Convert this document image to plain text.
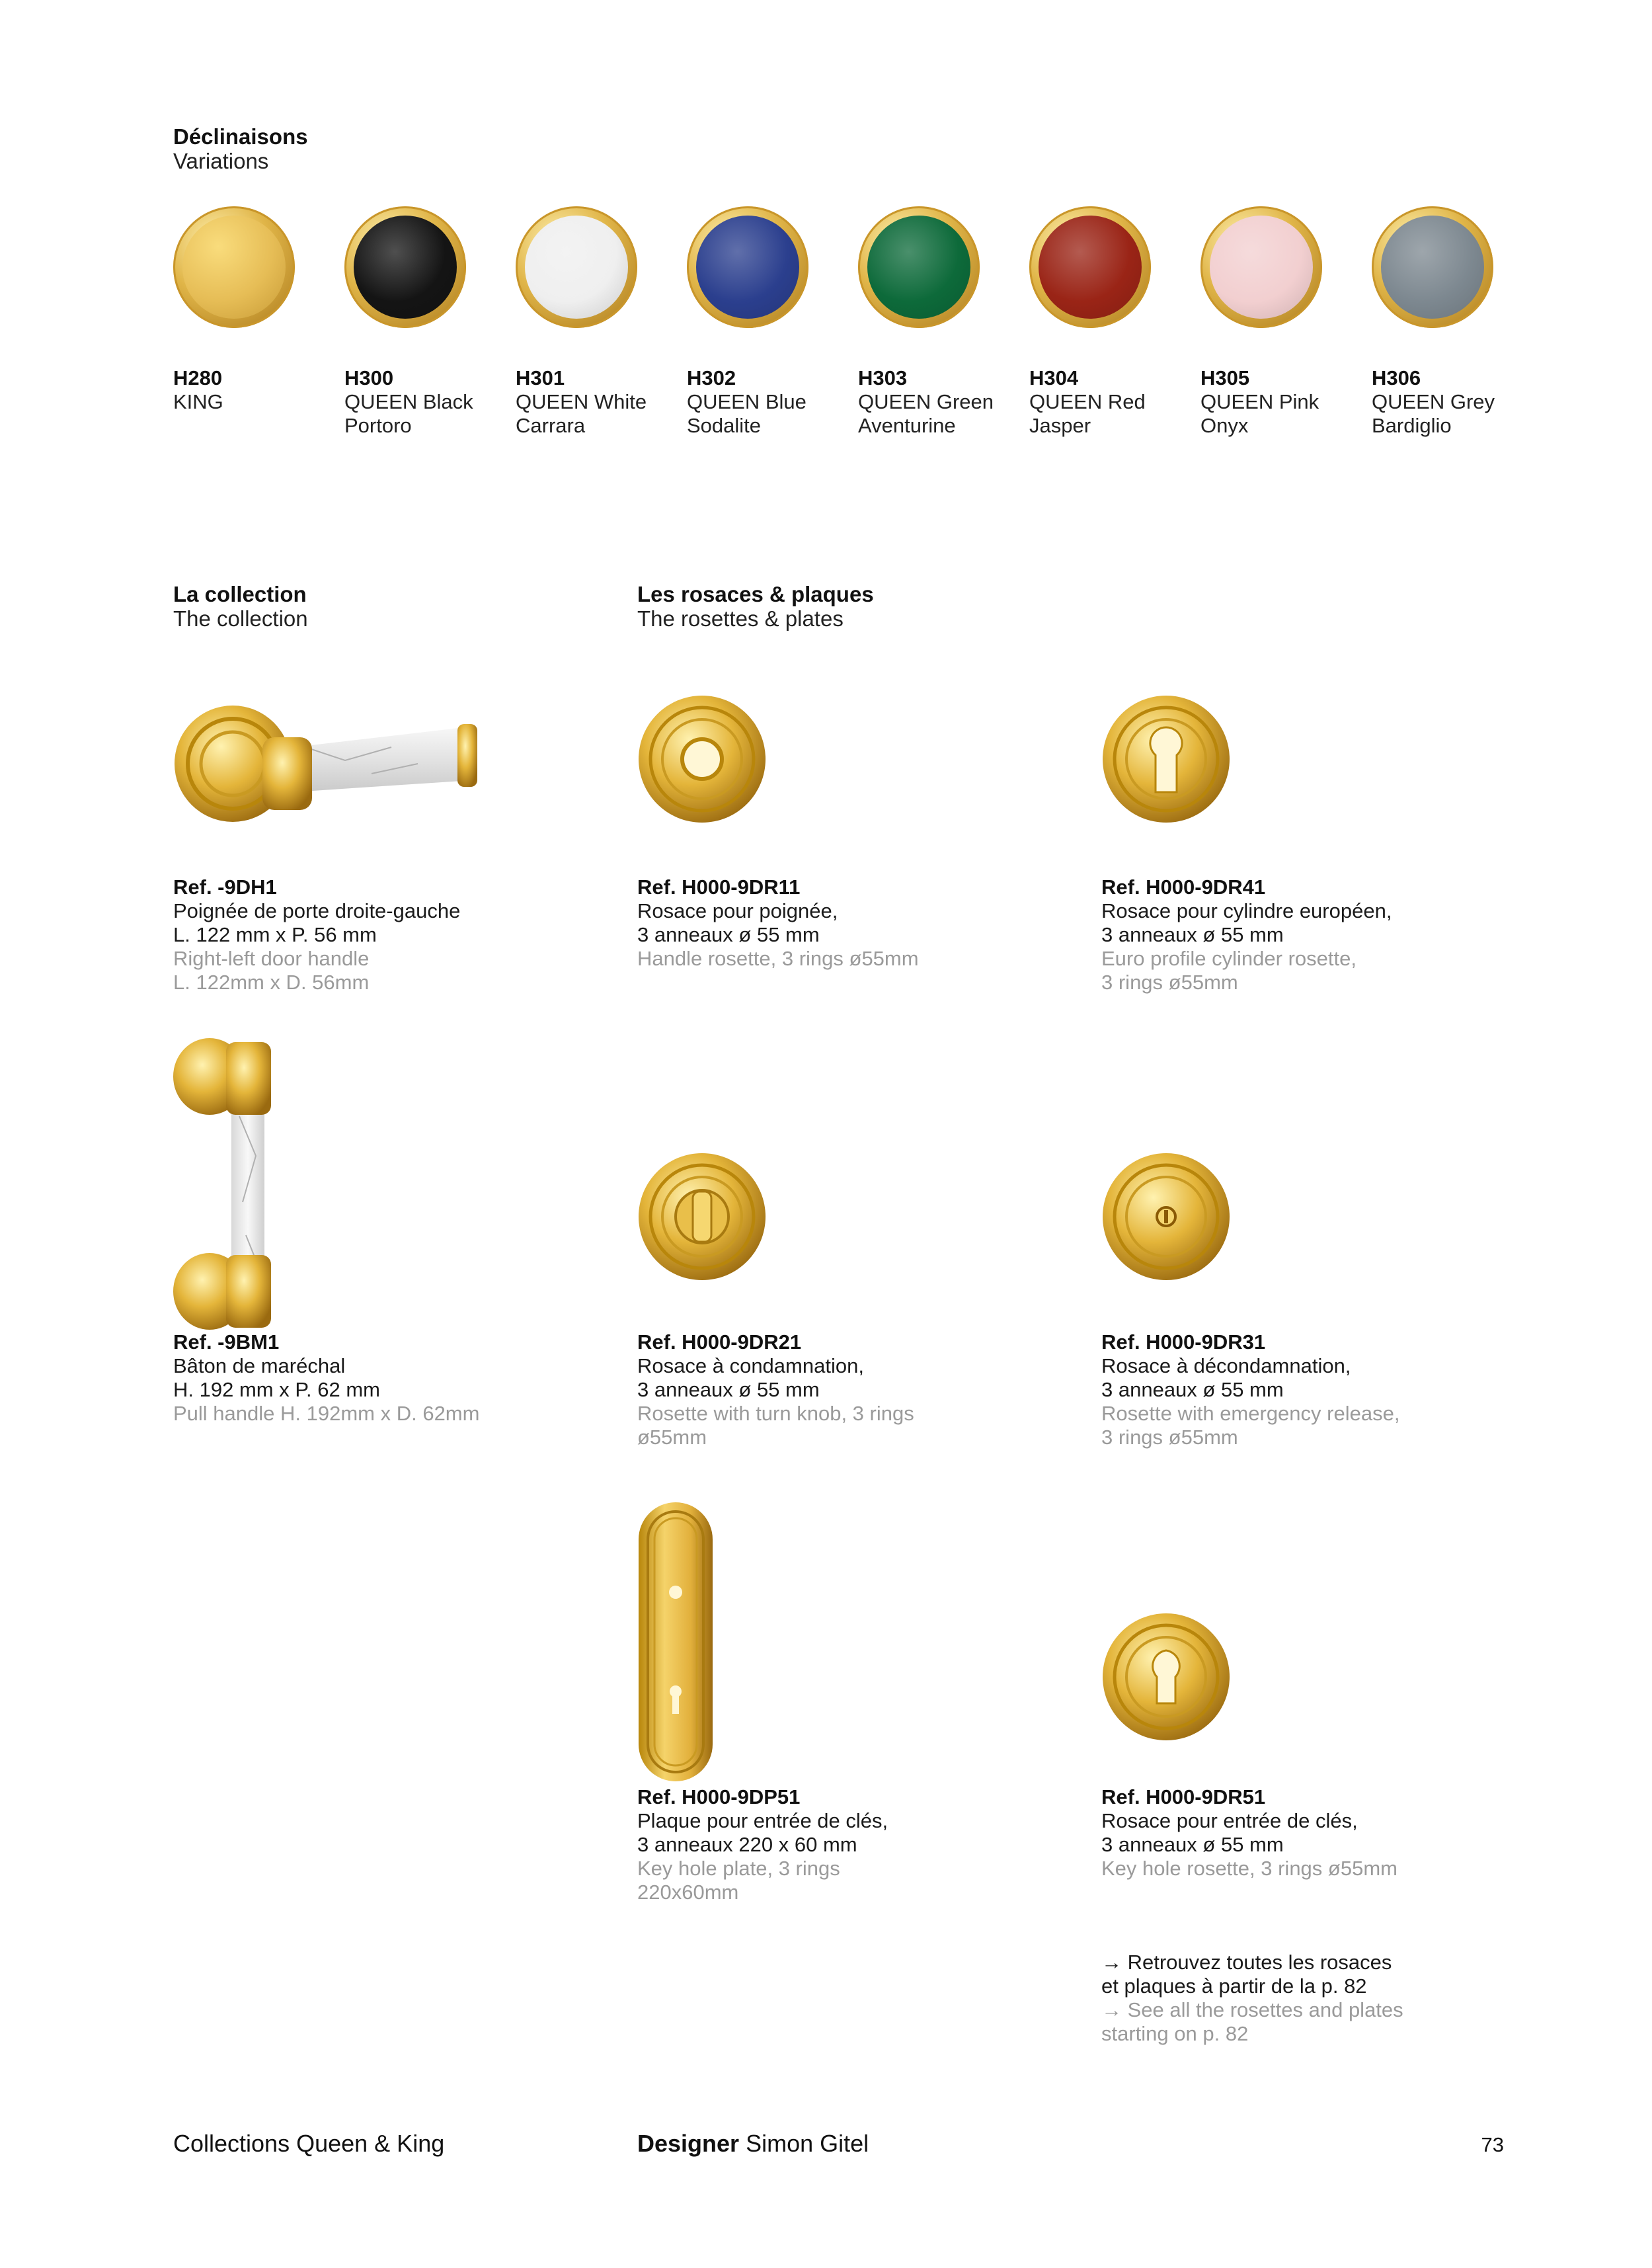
Déclinaisons
Variations
H280
KING
H300
QUEEN Black
Portoro
H301
QUEEN White
Carrara
H302
QUEEN Blue
Sodalite
H303
QUEEN Green
Aventurine
H304
QUEEN Red
Jasper
H305
QUEEN Pink
Onyx
H306
QUEEN Grey
Bardiglio
La collection
The collection
Les rosaces & plaques
The rosettes & plates
Ref. -9DH1
Poignée de porte droite-gauche
L. 122 mm x P. 56 mm
Right-left door handle
L. 122mm x D. 56mm
Ref. -9BM1
Bâton de maréchal
H. 192 mm x P. 62 mm
Pull handle H. 192mm x D. 62mm
Ref. H000-9DR11
Rosace pour poignée,
3 anneaux ø 55 mm
Handle rosette, 3 rings ø55mm
Ref. H000-9DR41
Rosace pour cylindre européen,
3 anneaux ø 55 mm
Euro profile cylinder rosette,
3 rings ø55mm
Ref. H000-9DR21
Rosace à condamnation,
3 anneaux ø 55 mm
Rosette with turn knob, 3 rings
ø55mm
Ref. H000-9DR31
Rosace à décondamnation,
3 anneaux ø 55 mm
Rosette with emergency release,
3 rings ø55mm
Ref. H000-9DP51
Plaque pour entrée de clés,
3 anneaux 220 x 60 mm
Key hole plate, 3 rings
220x60mm
Ref. H000-9DR51
Rosace pour entrée de clés,
3 anneaux ø 55 mm
Key hole rosette, 3 rings ø55mm
→ Retrouvez toutes les rosaces
et plaques à partir de la p. 82
→ See all the rosettes and plates
starting on p. 82
Collections Queen & King	Designer Simon Gitel	73
